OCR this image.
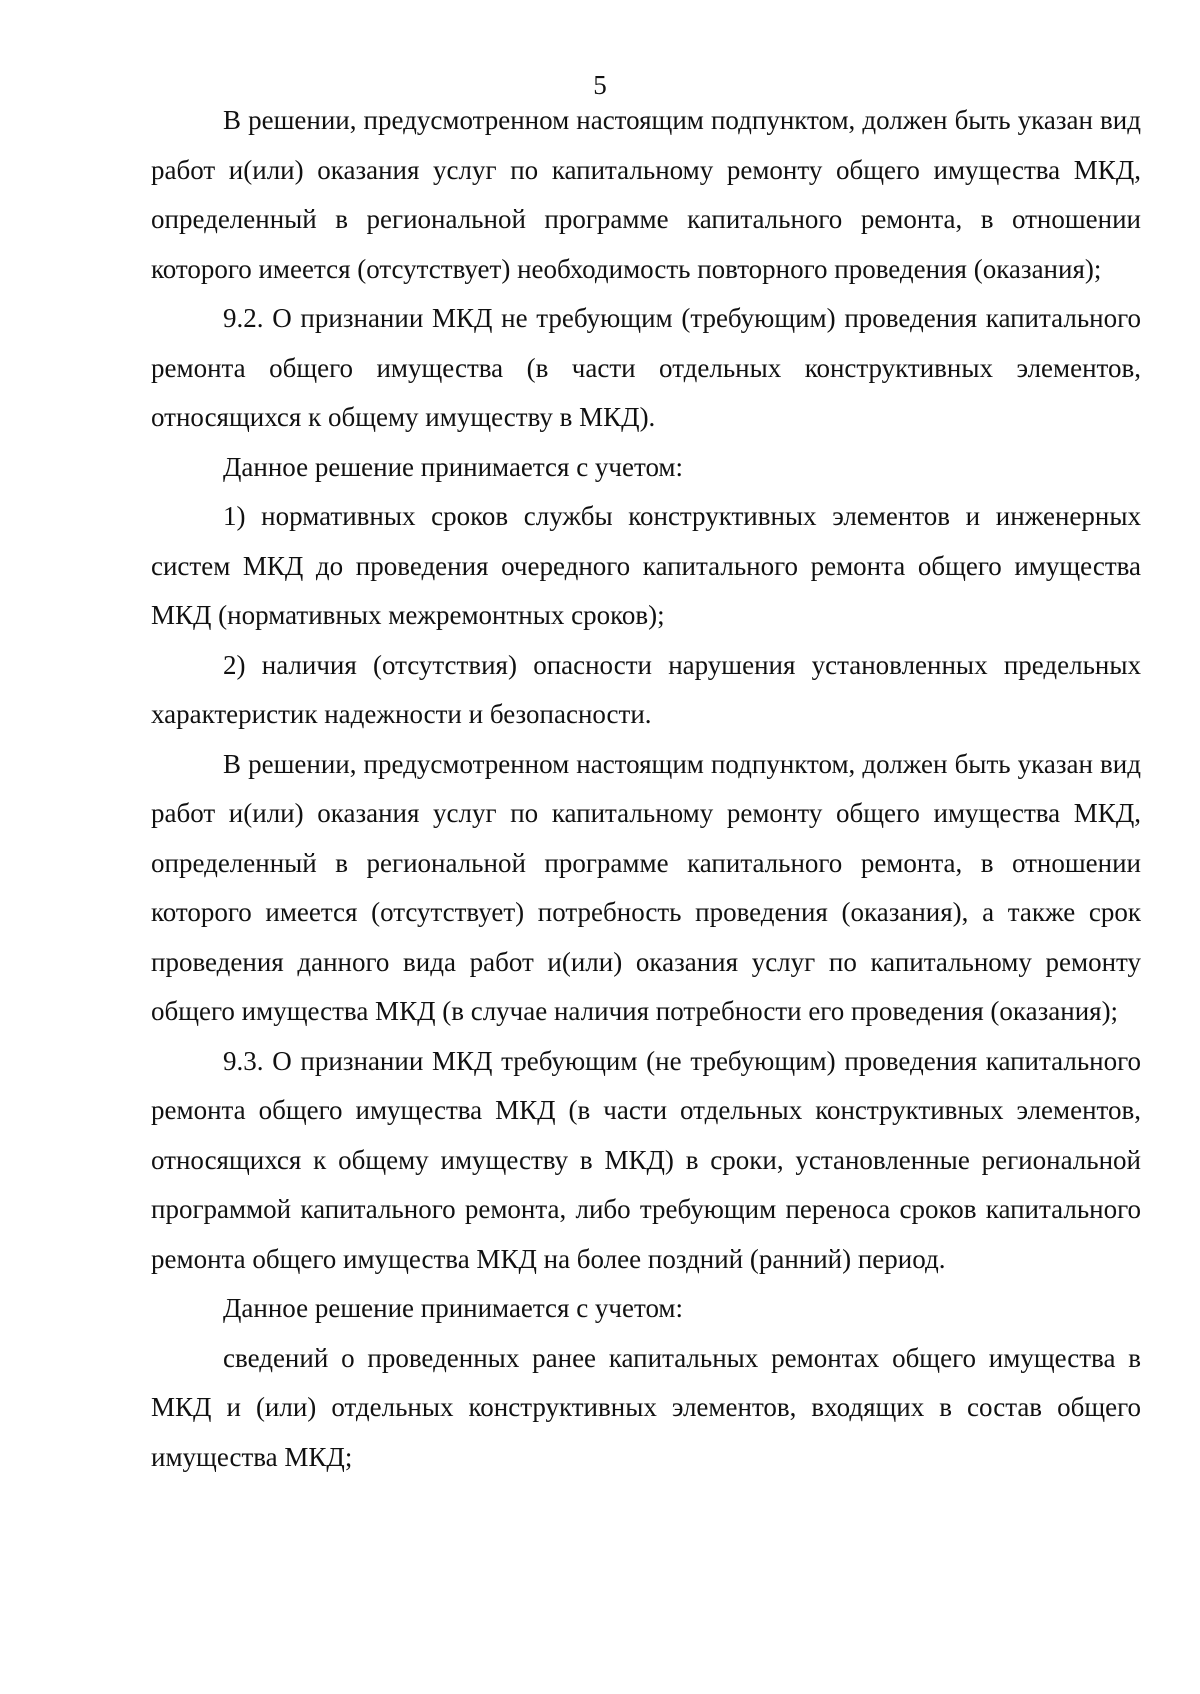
5

В решении, предусмотренном настоящим подпунктом, должен быть указан вид работ и(или) оказания услуг по капитальному ремонту общего имущества МКД, определенный в региональной программе капитального ремонта, в отношении которого имеется (отсутствует) необходимость повторного проведения (оказания);

9.2. О признании МКД не требующим (требующим) проведения капитального ремонта общего имущества (в части отдельных конструктивных элементов, относящихся к общему имуществу в МКД).

Данное решение принимается с учетом:

1) нормативных сроков службы конструктивных элементов и инженерных систем МКД до проведения очередного капитального ремонта общего имущества МКД (нормативных межремонтных сроков);

2) наличия (отсутствия) опасности нарушения установленных предельных характеристик надежности и безопасности.

В решении, предусмотренном настоящим подпунктом, должен быть указан вид работ и(или) оказания услуг по капитальному ремонту общего имущества МКД, определенный в региональной программе капитального ремонта, в отношении которого имеется (отсутствует) потребность проведения (оказания), а также срок проведения данного вида работ и(или) оказания услуг по капитальному ремонту общего имущества МКД (в случае наличия потребности его проведения (оказания);

9.3. О признании МКД требующим (не требующим) проведения капитального ремонта общего имущества МКД (в части отдельных конструктивных элементов, относящихся к общему имуществу в МКД) в сроки, установленные региональной программой капитального ремонта, либо требующим переноса сроков капитального ремонта общего имущества МКД на более поздний (ранний) период.

Данное решение принимается с учетом:

сведений о проведенных ранее капитальных ремонтах общего имущества в МКД и (или) отдельных конструктивных элементов, входящих в состав общего имущества МКД;
